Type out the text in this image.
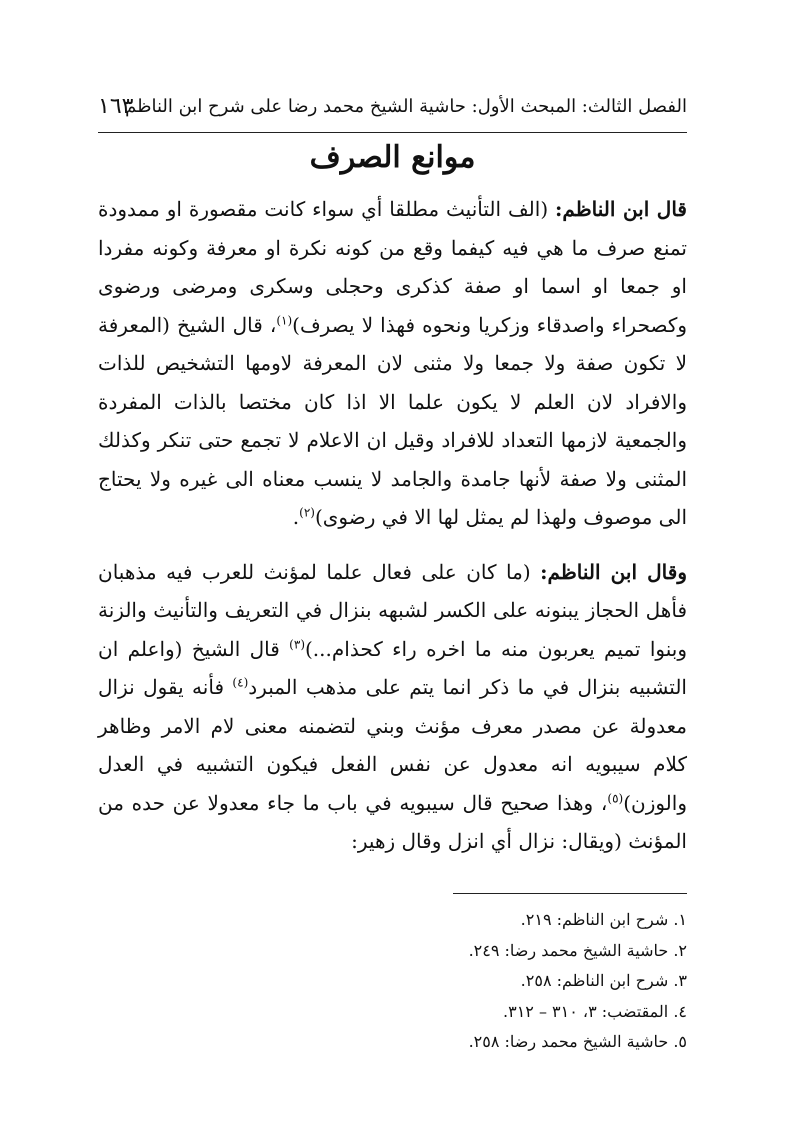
الفصل الثالث: المبحث الأول: حاشية الشيخ محمد رضا على شرح ابن الناظم
١٦٣
موانع الصرف

قال ابن الناظم: (الف التأنيث مطلقا أي سواء كانت مقصورة او ممدودة تمنع صرف ما هي فيه كيفما وقع من كونه نكرة او معرفة وكونه مفردا او جمعا او اسما او صفة كذكرى وحجلى وسكرى ومرضى ورضوى وكصحراء واصدقاء وزكريا ونحوه فهذا لا يصرف)$^{(١)}$، قال الشيخ (المعرفة لا تكون صفة ولا جمعا ولا مثنى لان المعرفة لاومها التشخيص للذات والافراد لان العلم لا يكون علما الا اذا كان مختصا بالذات المفردة والجمعية لازمها التعداد للافراد وقيل ان الاعلام لا تجمع حتى تنكر وكذلك المثنى ولا صفة لأنها جامدة والجامد لا ينسب معناه الى غيره ولا يحتاج الى موصوف ولهذا لم يمثل لها الا في رضوى)$^{(٢)}$.

وقال ابن الناظم: (ما كان على فعال علما لمؤنث للعرب فيه مذهبان فأهل الحجاز يبنونه على الكسر لشبهه بنزال في التعريف والتأنيث والزنة وبنوا تميم يعربون منه ما اخره راء كحذام...)$^{(٣)}$ قال الشيخ (واعلم ان التشبيه بنزال في ما ذكر انما يتم على مذهب المبرد$^{(٤)}$ فأنه يقول نزال معدولة عن مصدر معرف مؤنث وبني لتضمنه معنى لام الامر وظاهر كلام سيبويه انه معدول عن نفس الفعل فيكون التشبيه في العدل والوزن)$^{(٥)}$، وهذا صحيح قال سيبويه في باب ما جاء معدولا عن حده من المؤنث (ويقال: نزال أي انزل وقال زهير:

١. شرح ابن الناظم: ٢١٩.
٢. حاشية الشيخ محمد رضا: ٢٤٩.
٣. شرح ابن الناظم: ٢٥٨.
٤. المقتضب: ٣، ٣١٠ – ٣١٢.
٥. حاشية الشيخ محمد رضا: ٢٥٨.
